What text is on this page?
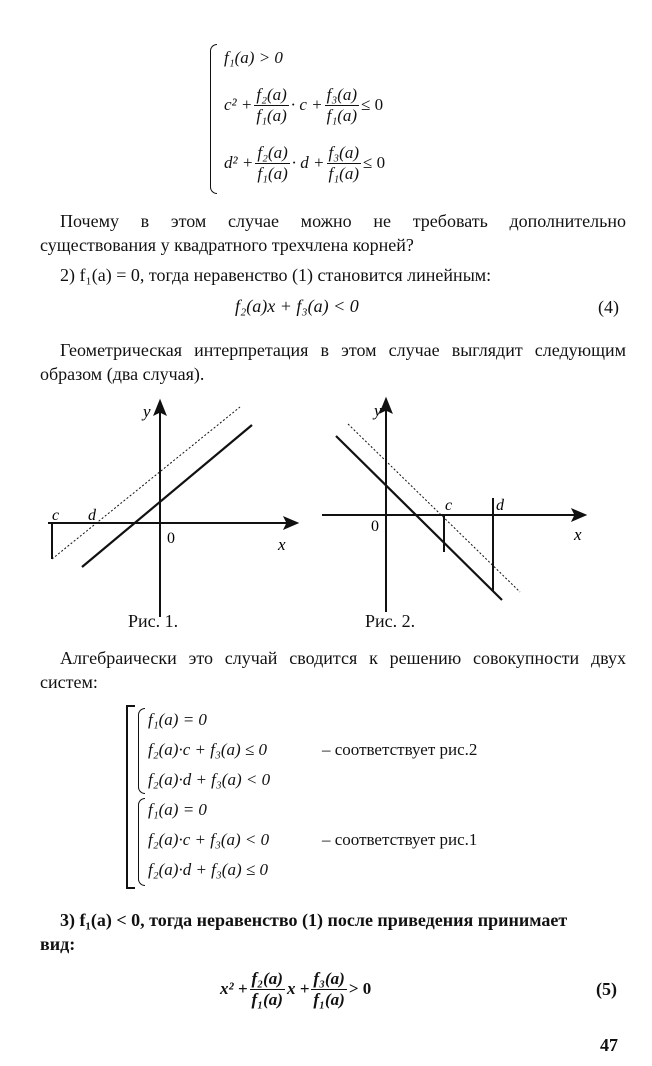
f₁(a) > 0
$c^2 + \frac{\text{f₂(a)}}{\text{f₁(a)}} \cdot c + \frac{\text{f₃(a)}}{\text{f₁(a)}} \le 0$
$d^2 + \frac{\text{f₂(a)}}{\text{f₁(a)}} \cdot d + \frac{\text{f₃(a)}}{\text{f₁(a)}} \le 0$
Почему в этом случае можно не требовать дополнительно существования у квадратного трехчлена корней?
2) f₁(a) = 0, тогда неравенство (1) становится линейным:
f₂(a)x + f₃(a) < 0	(4)
Геометрическая интерпретация в этом случае выглядит следующим образом (два случая).
c d
0	x
y
Рис. 1.
c	d
0	x
y
Рис. 2.
Алгебраически это случай сводится к решению совокупности двух систем:
f₁(a) = 0
f₂(a)·c + f₃(a) ≤ 0
f₂(a)·d + f₃(a) < 0
– соответствует рис.2
f₁(a) = 0
f₂(a)·c + f₃(a) < 0
f₂(a)·d + f₃(a) ≤ 0
– соответствует рис.1
3) f₁(a) < 0, тогда неравенство (1) после приведения принимает
вид:
$x^2 + \frac{\text{f₂(a)}}{\text{f₁(a)}}$ $x + \frac{\text{f₃(a)}}{\text{f₁(a)}} > 0$	(5)
47
